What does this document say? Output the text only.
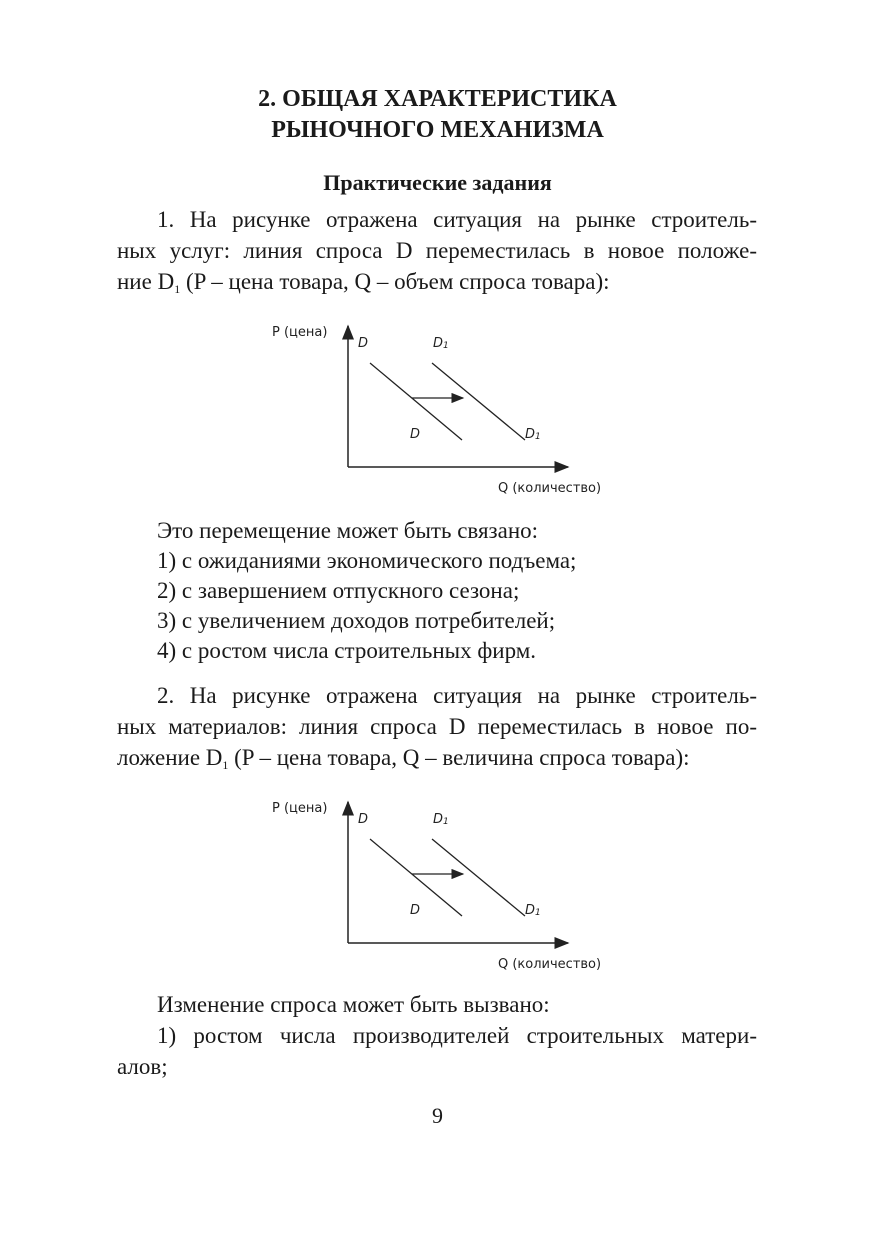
2. ОБЩАЯ ХАРАКТЕРИСТИКА
РЫНОЧНОГО МЕХАНИЗМА
Практические задания
1. На рисунке отражена ситуация на рынке строитель-
ных услуг: линия спроса D переместилась в новое положе-
ние $D_1$ (P – цена товара, Q – объем спроса товара):
P (цена)
Q (количество)
D	D1
D	D1
Это перемещение может быть связано:
1) с ожиданиями экономического подъема;
2) с завершением отпускного сезона;
3) с увеличением доходов потребителей;
4) с ростом числа строительных фирм.
2. На рисунке отражена ситуация на рынке строитель-
ных материалов: линия спроса D переместилась в новое по-
ложение $D_1$ (P – цена товара, Q – величина спроса товара):
P (цена)
Q (количество)
D	D1
D	D1
Изменение спроса может быть вызвано:
1) ростом числа производителей строительных матери-
алов;
9
